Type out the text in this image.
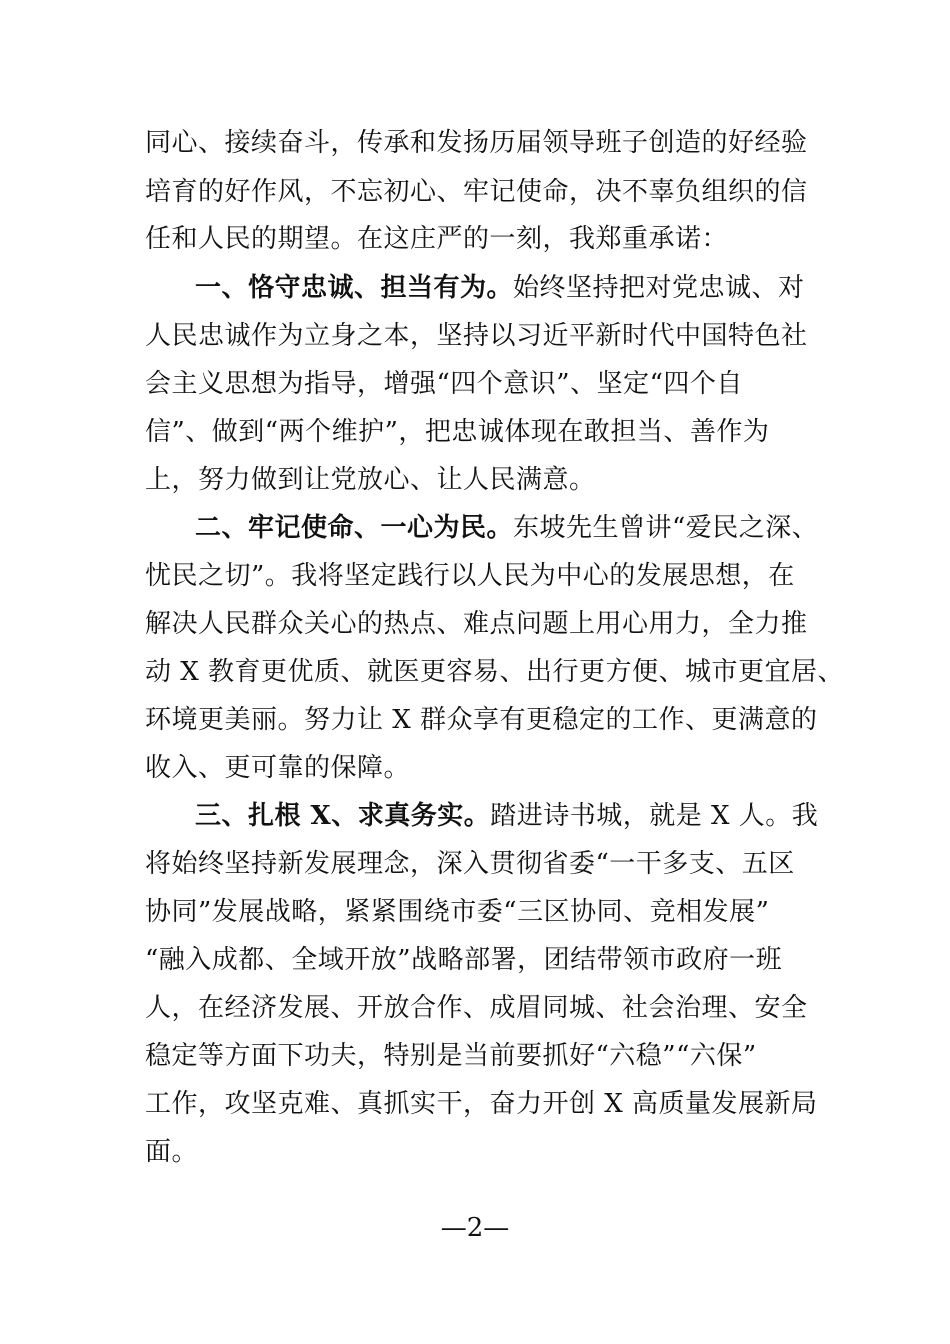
同心、接续奋斗，传承和发扬历届领导班子创造的好经验
培育的好作风，不忘初心、牢记使命，决不辜负组织的信
任和人民的期望。在这庄严的一刻，我郑重承诺：
一、恪守忠诚、担当有为。始终坚持把对党忠诚、对
人民忠诚作为立身之本，坚持以习近平新时代中国特色社
会主义思想为指导，增强“四个意识”、坚定“四个自
信”、做到“两个维护”，把忠诚体现在敢担当、善作为
上，努力做到让党放心、让人民满意。
二、牢记使命、一心为民。东坡先生曾讲“爱民之深、
忧民之切”。我将坚定践行以人民为中心的发展思想，在
解决人民群众关心的热点、难点问题上用心用力，全力推
动 X 教育更优质、就医更容易、出行更方便、城市更宜居、
环境更美丽。努力让 X 群众享有更稳定的工作、更满意的
收入、更可靠的保障。
三、扎根 X、求真务实。踏进诗书城，就是 X 人。我
将始终坚持新发展理念，深入贯彻省委“一干多支、五区
协同”发展战略，紧紧围绕市委“三区协同、竞相发展”
“融入成都、全域开放”战略部署，团结带领市政府一班
人，在经济发展、开放合作、成眉同城、社会治理、安全
稳定等方面下功夫，特别是当前要抓好“六稳”“六保”
工作，攻坚克难、真抓实干，奋力开创 X 高质量发展新局
面。
—2—
